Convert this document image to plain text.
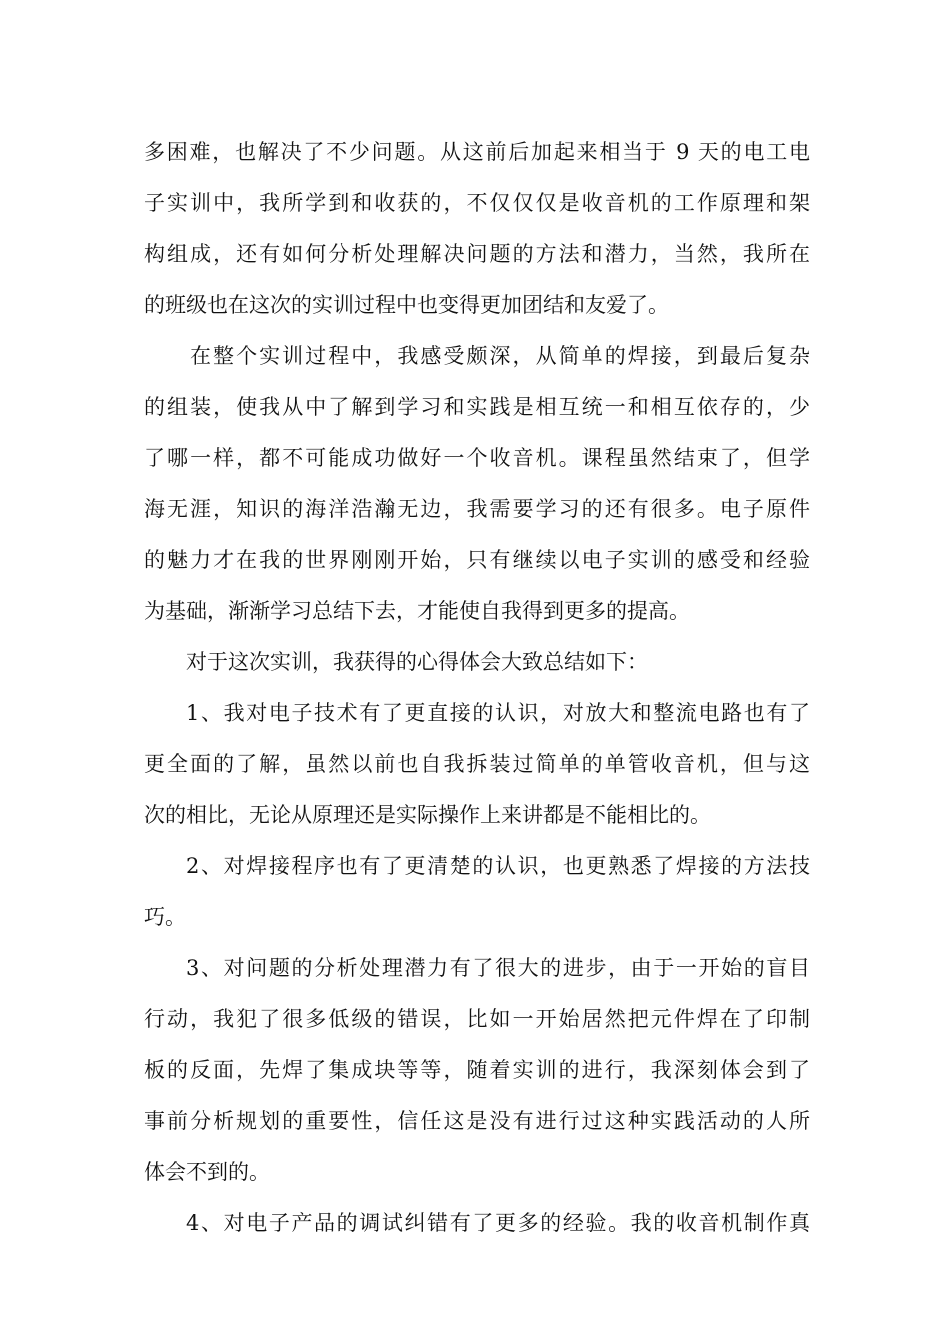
多困难，也解决了不少问题。从这前后加起来相当于 9 天的电工电
子实训中，我所学到和收获的，不仅仅仅是收音机的工作原理和架
构组成，还有如何分析处理解决问题的方法和潜力，当然，我所在
的班级也在这次的实训过程中也变得更加团结和友爱了。
在整个实训过程中，我感受颇深，从简单的焊接，到最后复杂
的组装，使我从中了解到学习和实践是相互统一和相互依存的，少
了哪一样，都不可能成功做好一个收音机。课程虽然结束了，但学
海无涯，知识的海洋浩瀚无边，我需要学习的还有很多。电子原件
的魅力才在我的世界刚刚开始，只有继续以电子实训的感受和经验
为基础，渐渐学习总结下去，才能使自我得到更多的提高。
对于这次实训，我获得的心得体会大致总结如下：
1、我对电子技术有了更直接的认识，对放大和整流电路也有了
更全面的了解，虽然以前也自我拆装过简单的单管收音机，但与这
次的相比，无论从原理还是实际操作上来讲都是不能相比的。
2、对焊接程序也有了更清楚的认识，也更熟悉了焊接的方法技
巧。
3、对问题的分析处理潜力有了很大的进步，由于一开始的盲目
行动，我犯了很多低级的错误，比如一开始居然把元件焊在了印制
板的反面，先焊了集成块等等，随着实训的进行，我深刻体会到了
事前分析规划的重要性，信任这是没有进行过这种实践活动的人所
体会不到的。
4、对电子产品的调试纠错有了更多的经验。我的收音机制作真
